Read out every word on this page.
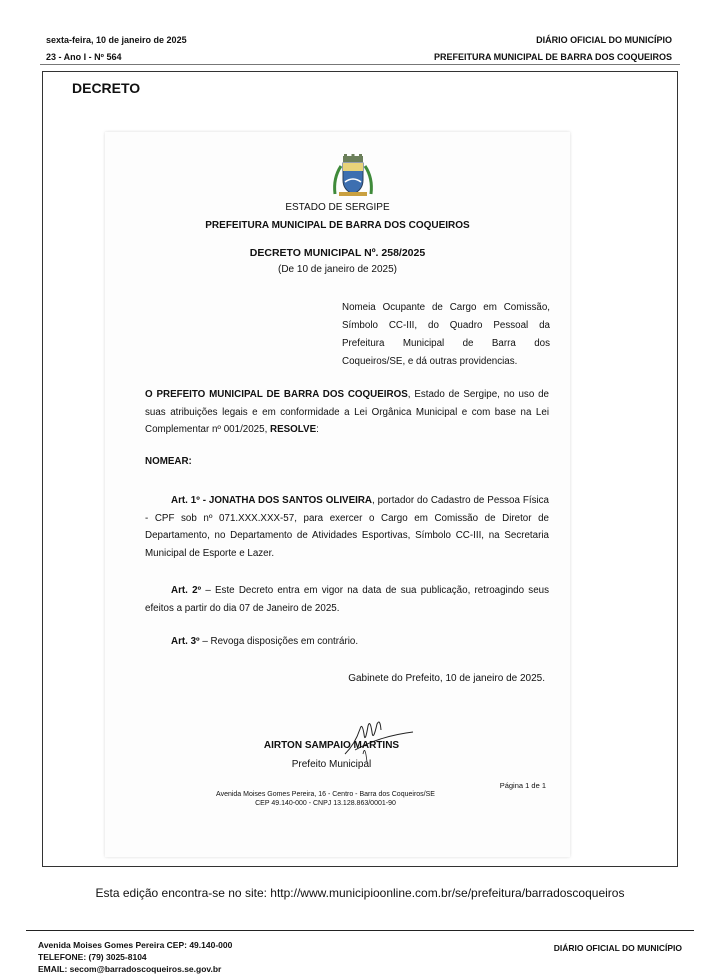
sexta-feira, 10 de janeiro de 2025
23 - Ano I - Nº 564
DIÁRIO OFICIAL DO MUNICÍPIO
PREFEITURA MUNICIPAL DE BARRA DOS COQUEIROS
DECRETO
ESTADO DE SERGIPE
PREFEITURA MUNICIPAL DE BARRA DOS COQUEIROS
DECRETO MUNICIPAL Nº. 258/2025
(De 10 de janeiro de 2025)
Nomeia Ocupante de Cargo em Comissão, Símbolo CC-III, do Quadro Pessoal da Prefeitura Municipal de Barra dos Coqueiros/SE, e dá outras providencias.
O PREFEITO MUNICIPAL DE BARRA DOS COQUEIROS, Estado de Sergipe, no uso de suas atribuições legais e em conformidade a Lei Orgânica Municipal e com base na Lei Complementar nº 001/2025, RESOLVE:
NOMEAR:
Art. 1º - JONATHA DOS SANTOS OLIVEIRA, portador do Cadastro de Pessoa Física - CPF sob nº 071.XXX.XXX-57, para exercer o Cargo em Comissão de Diretor de Departamento, no Departamento de Atividades Esportivas, Símbolo CC-III, na Secretaria Municipal de Esporte e Lazer.
Art. 2º – Este Decreto entra em vigor na data de sua publicação, retroagindo seus efeitos a partir do dia 07 de Janeiro de 2025.
Art. 3º – Revoga disposições em contrário.
Gabinete do Prefeito, 10 de janeiro de 2025.
AIRTON SAMPAIO MARTINS
Prefeito Municipal
Página 1 de 1
Avenida Moises Gomes Pereira, 16 - Centro - Barra dos Coqueiros/SE
CEP 49.140-000 - CNPJ 13.128.863/0001-90
Esta edição encontra-se no site: http://www.municipioonline.com.br/se/prefeitura/barradoscoqueiros
Avenida Moises Gomes Pereira CEP: 49.140-000
TELEFONE: (79) 3025-8104
EMAIL: secom@barradoscoqueiros.se.gov.br
DIÁRIO OFICIAL DO MUNICÍPIO
